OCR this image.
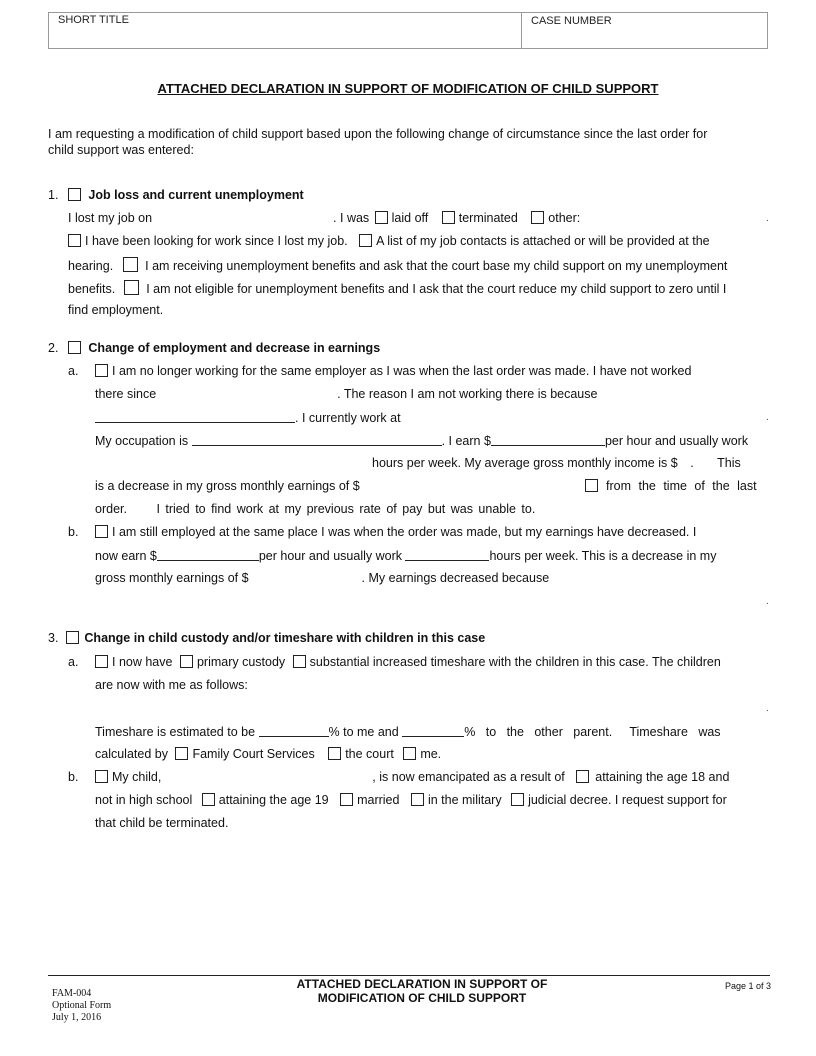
SHORT TITLE	CASE NUMBER
ATTACHED DECLARATION IN SUPPORT OF MODIFICATION OF CHILD SUPPORT
I am requesting a modification of child support based upon the following change of circumstance since the last order for
child support was entered:
1. Job loss and current unemployment
I lost my job on	. I was laid off terminated other:	.
I have been looking for work since I lost my job. A list of my job contacts is attached or will be provided at the
hearing.	I am receiving unemployment benefits and ask that the court base my child support on my unemployment
benefits. I am not eligible for unemployment benefits and I ask that the court reduce my child support to zero until I
find employment.
2. Change of employment and decrease in earnings
a.	I am no longer working for the same employer as I was when the last order was made. I have not worked
there since	. The reason I am not working there is because
. I currently work at	.
My occupation is	. I earn $	per hour and usually work
hours per week. My average gross monthly income is $ . This
is a decrease in my gross monthly earnings of $	from the time of the last
order. I tried to find work at my previous rate of pay but was unable to.
b.	I am still employed at the same place I was when the order was made, but my earnings have decreased. I
now earn $	per hour and usually work	hours per week. This is a decrease in my
gross monthly earnings of $	. My earnings decreased because
.
3. Change in child custody and/or timeshare with children in this case
a.	I now have primary custody substantial increased timeshare with the children in this case. The children
are now with me as follows:
.
Timeshare is estimated to be	% to me and	%   to   the   other   parent.     Timeshare   was
calculated by Family Court Services the court me.
b.	My child,	, is now emancipated as a result of attaining the age 18 and
not in high school attaining the age 19 married in the military judicial decree. I request support for
that child be terminated.
FAM-004
Optional Form
July 1, 2016
ATTACHED DECLARATION IN SUPPORT OF
MODIFICATION OF CHILD SUPPORT
Page 1 of 3
